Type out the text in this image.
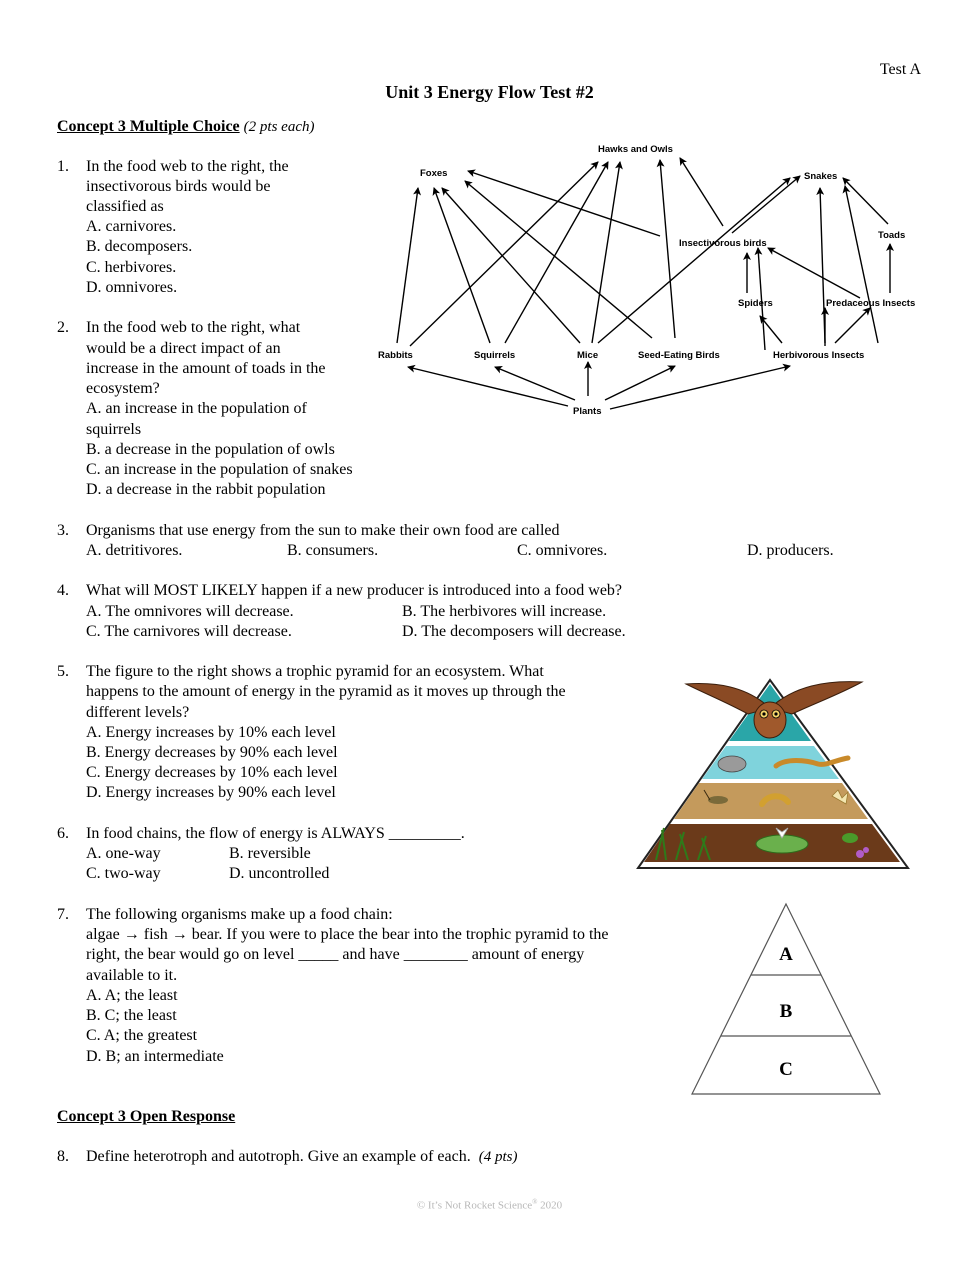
Test A
Unit 3 Energy Flow Test #2
Concept 3 Multiple Choice (2 pts each)
1. In the food web to the right, the
insectivorous birds would be
classified as
A. carnivores.
B. decomposers.
C. herbivores.
D. omnivores.
2. In the food web to the right, what
would be a direct impact of an
increase in the amount of toads in the
ecosystem?
A. an increase in the population of
squirrels
B. a decrease in the population of owls
C. an increase in the population of snakes
D. a decrease in the rabbit population
Hawks and Owls
Foxes	Snakes
Toads
Insectivorous birds
Spiders	Predaceous Insects
Rabbits	Squirrels	Mice	Seed-Eating Birds	Herbivorous Insects
Plants
3. Organisms that use energy from the sun to make their own food are called
A. detritivores.	B. consumers.	C. omnivores.	D. producers.
4. What will MOST LIKELY happen if a new producer is introduced into a food web?
A. The omnivores will decrease.	B. The herbivores will increase.
C. The carnivores will decrease.	D. The decomposers will decrease.
5. The figure to the right shows a trophic pyramid for an ecosystem. What
happens to the amount of energy in the pyramid as it moves up through the
different levels?
A. Energy increases by 10% each level
B. Energy decreases by 90% each level
C. Energy decreases by 10% each level
D. Energy increases by 90% each level
6. In food chains, the flow of energy is ALWAYS _________.
A. one-way	B. reversible
C. two-way	D. uncontrolled
7. The following organisms make up a food chain:
algae → fish → bear. If you were to place the bear into the trophic pyramid to the
right, the bear would go on level _____ and have ________ amount of energy
available to it.
A. A; the least
B. C; the least
C. A; the greatest
D. B; an intermediate
A
B
C
Concept 3 Open Response
8. Define heterotroph and autotroph. Give an example of each. (4 pts)
© It’s Not Rocket Science® 2020
